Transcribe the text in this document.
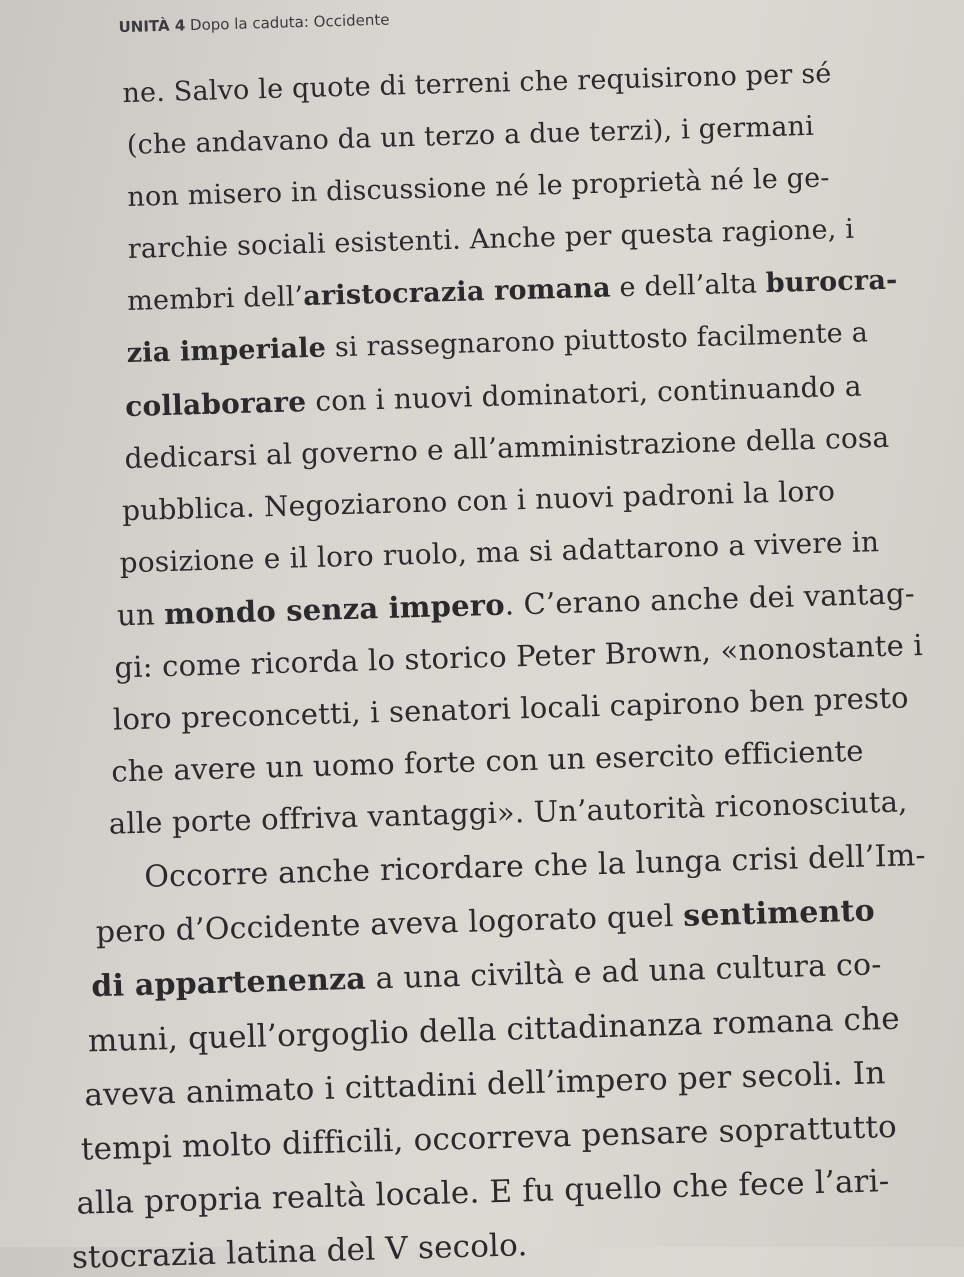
UNITÀ 4 Dopo la caduta: Occidente
ne. Salvo le quote di terreni che requisirono per sé
(che andavano da un terzo a due terzi), i germani
non misero in discussione né le proprietà né le ge-
rarchie sociali esistenti. Anche per questa ragione, i
membri dell’aristocrazia romana e dell’alta burocra-
zia imperiale si rassegnarono piuttosto facilmente a
collaborare con i nuovi dominatori, continuando a
dedicarsi al governo e all’amministrazione della cosa
pubblica. Negoziarono con i nuovi padroni la loro
posizione e il loro ruolo, ma si adattarono a vivere in
un mondo senza impero. C’erano anche dei vantag-
gi: come ricorda lo storico Peter Brown, «nonostante i
loro preconcetti, i senatori locali capirono ben presto
che avere un uomo forte con un esercito efficiente
alle porte offriva vantaggi». Un’autorità riconosciuta,
Occorre anche ricordare che la lunga crisi dell’Im-
pero d’Occidente aveva logorato quel sentimento
di appartenenza a una civiltà e ad una cultura co-
muni, quell’orgoglio della cittadinanza romana che
aveva animato i cittadini dell’impero per secoli. In
tempi molto difficili, occorreva pensare soprattutto
alla propria realtà locale. E fu quello che fece l’ari-
stocrazia latina del V secolo.
